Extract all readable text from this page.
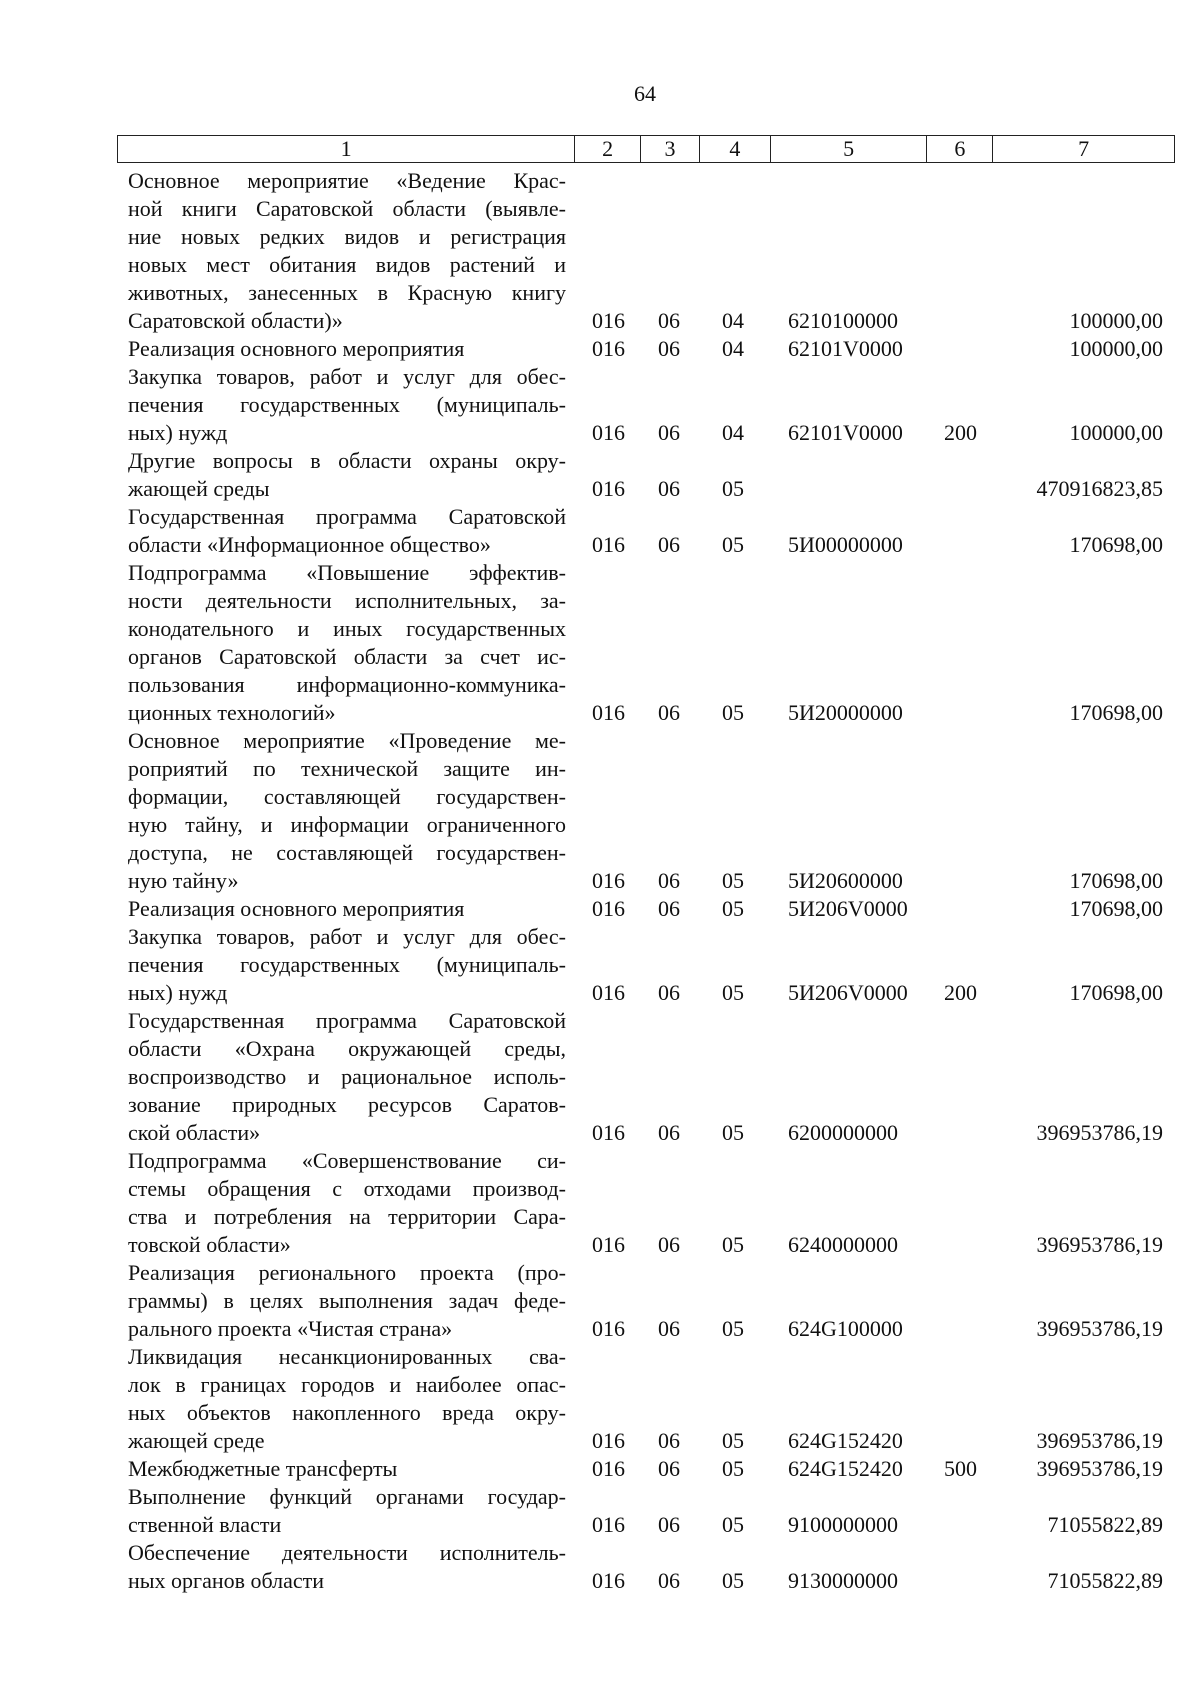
64
1	2	3	4	5	6	7
Основное мероприятие «Ведение Крас-
ной книги Саратовской области (выявле-
ние новых редких видов и регистрация
новых мест обитания видов растений и
животных, занесенных в Красную книгу
Саратовской области)»	016 06 04 6210100000	100000,00
Реализация основного мероприятия	016 06 04 62101V0000	100000,00
Закупка товаров, работ и услуг для обес-
печения государственных (муниципаль-
ных) нужд	016 06 04 62101V0000 200	100000,00
Другие вопросы в области охраны окру-
жающей среды	016 06 05	470916823,85
Государственная программа Саратовской
области «Информационное общество»	016 06 05 5И00000000	170698,00
Подпрограмма «Повышение эффектив-
ности деятельности исполнительных, за-
конодательного и иных государственных
органов Саратовской области за счет ис-
пользования информационно-коммуника-
ционных технологий»	016 06 05 5И20000000	170698,00
Основное мероприятие «Проведение ме-
роприятий по технической защите ин-
формации, составляющей государствен-
ную тайну, и информации ограниченного
доступа, не составляющей государствен-
ную тайну»	016 06 05 5И20600000	170698,00
Реализация основного мероприятия	016 06 05 5И206V0000	170698,00
Закупка товаров, работ и услуг для обес-
печения государственных (муниципаль-
ных) нужд	016 06 05 5И206V0000 200	170698,00
Государственная программа Саратовской
области «Охрана окружающей среды,
воспроизводство и рациональное исполь-
зование природных ресурсов Саратов-
ской области»	016 06 05 6200000000	396953786,19
Подпрограмма «Совершенствование си-
стемы обращения с отходами производ-
ства и потребления на территории Сара-
товской области»	016 06 05 6240000000	396953786,19
Реализация регионального проекта (про-
граммы) в целях выполнения задач феде-
рального проекта «Чистая страна»	016 06 05 624G100000	396953786,19
Ликвидация несанкционированных сва-
лок в границах городов и наиболее опас-
ных объектов накопленного вреда окру-
жающей среде	016 06 05 624G152420	396953786,19
Межбюджетные трансферты	016 06 05 624G152420 500	396953786,19
Выполнение функций органами государ-
ственной власти	016 06 05 9100000000	71055822,89
Обеспечение деятельности исполнитель-
ных органов области	016 06 05 9130000000	71055822,89
